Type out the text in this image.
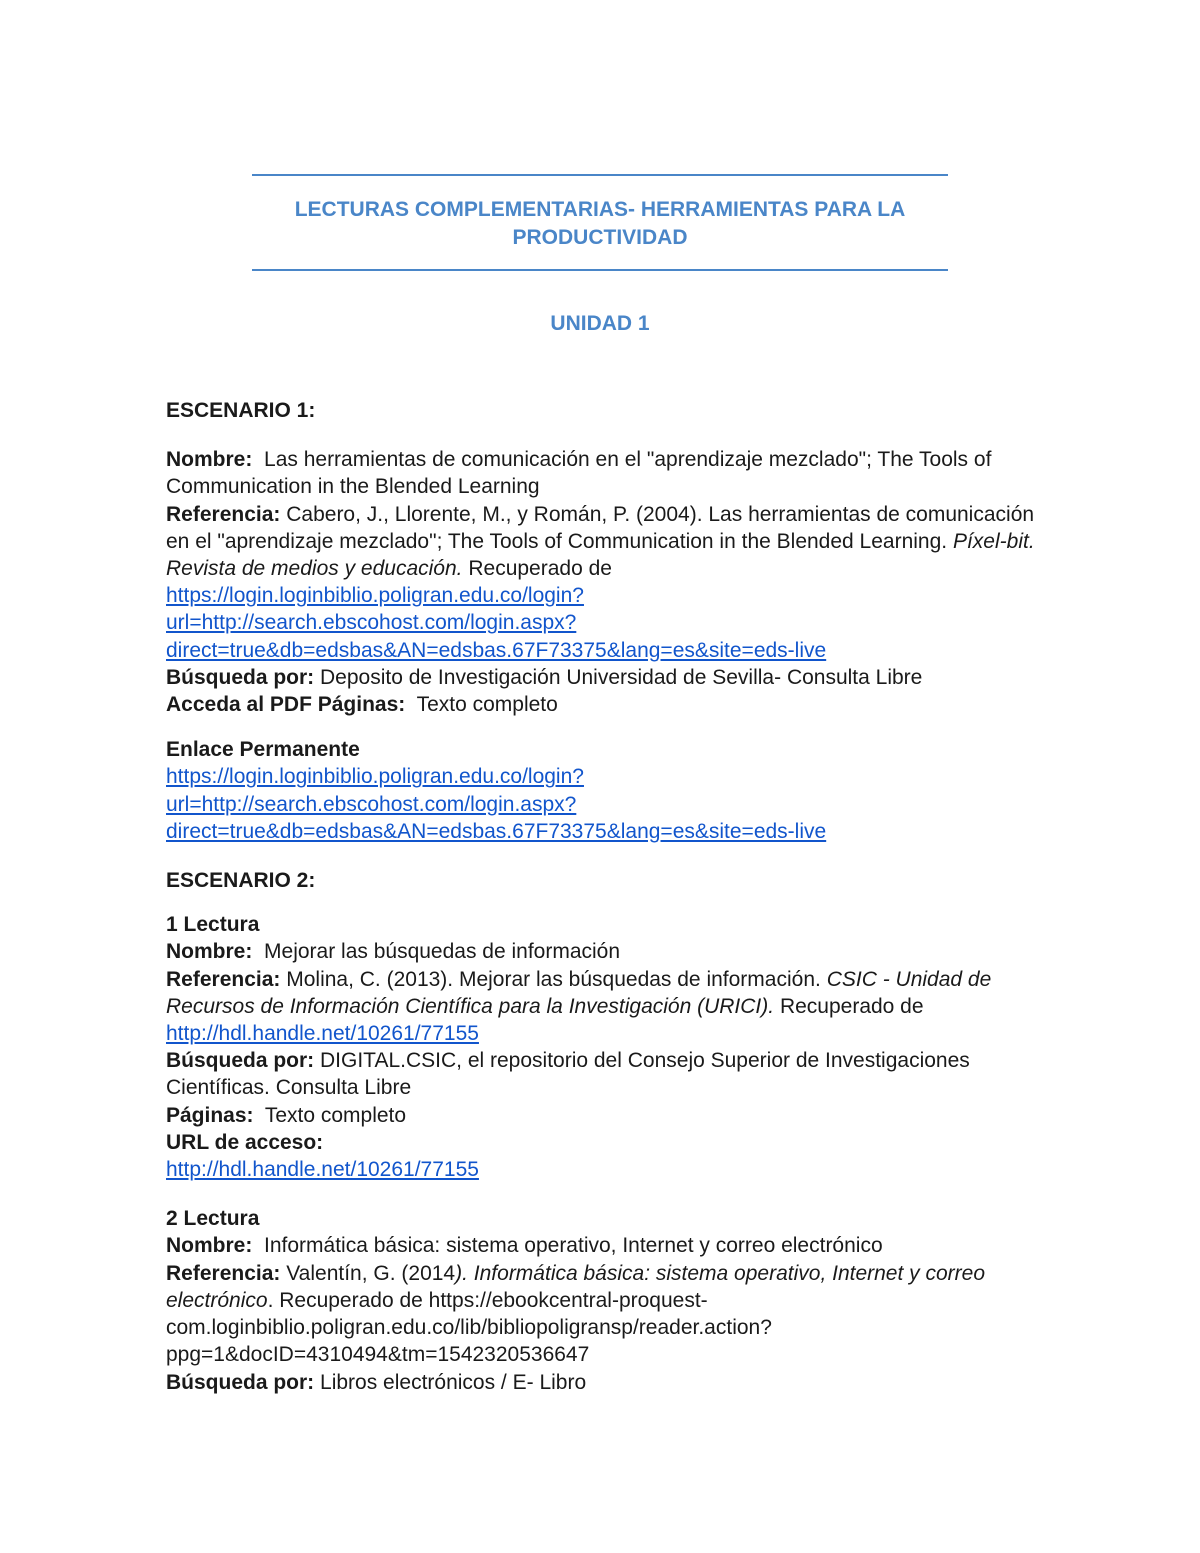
LECTURAS COMPLEMENTARIAS- HERRAMIENTAS PARA LA
PRODUCTIVIDAD
UNIDAD 1

ESCENARIO 1:

Nombre: Las herramientas de comunicación en el "aprendizaje mezclado"; The Tools of Communication in the Blended Learning

Referencia: Cabero, J., Llorente, M., y Román, P. (2004). Las herramientas de comunicación en el "aprendizaje mezclado"; The Tools of Communication in the Blended Learning. Píxel-bit. Revista de medios y educación. Recuperado de

https://login.loginbiblio.poligran.edu.co/login?
url=http://search.ebscohost.com/login.aspx?
direct=true&db=edsbas&AN=edsbas.67F73375&lang=es&site=eds-live

Búsqueda por: Deposito de Investigación Universidad de Sevilla- Consulta Libre

Acceda al PDF Páginas: Texto completo

Enlace Permanente

https://login.loginbiblio.poligran.edu.co/login?
url=http://search.ebscohost.com/login.aspx?
direct=true&db=edsbas&AN=edsbas.67F73375&lang=es&site=eds-live

ESCENARIO 2:

1 Lectura

Nombre: Mejorar las búsquedas de información

Referencia: Molina, C. (2013). Mejorar las búsquedas de información. CSIC - Unidad de Recursos de Información Científica para la Investigación (URICI). Recuperado de http://hdl.handle.net/10261/77155

Búsqueda por: DIGITAL.CSIC, el repositorio del Consejo Superior de Investigaciones Científicas. Consulta Libre

Páginas: Texto completo

URL de acceso:

http://hdl.handle.net/10261/77155

2 Lectura

Nombre: Informática básica: sistema operativo, Internet y correo electrónico

Referencia: Valentín, G. (2014). Informática básica: sistema operativo, Internet y correo electrónico. Recuperado de https://ebookcentral-proquest-
com.loginbiblio.poligran.edu.co/lib/bibliopoligransp/reader.action?
ppg=1&docID=4310494&tm=1542320536647

Búsqueda por: Libros electrónicos / E- Libro
